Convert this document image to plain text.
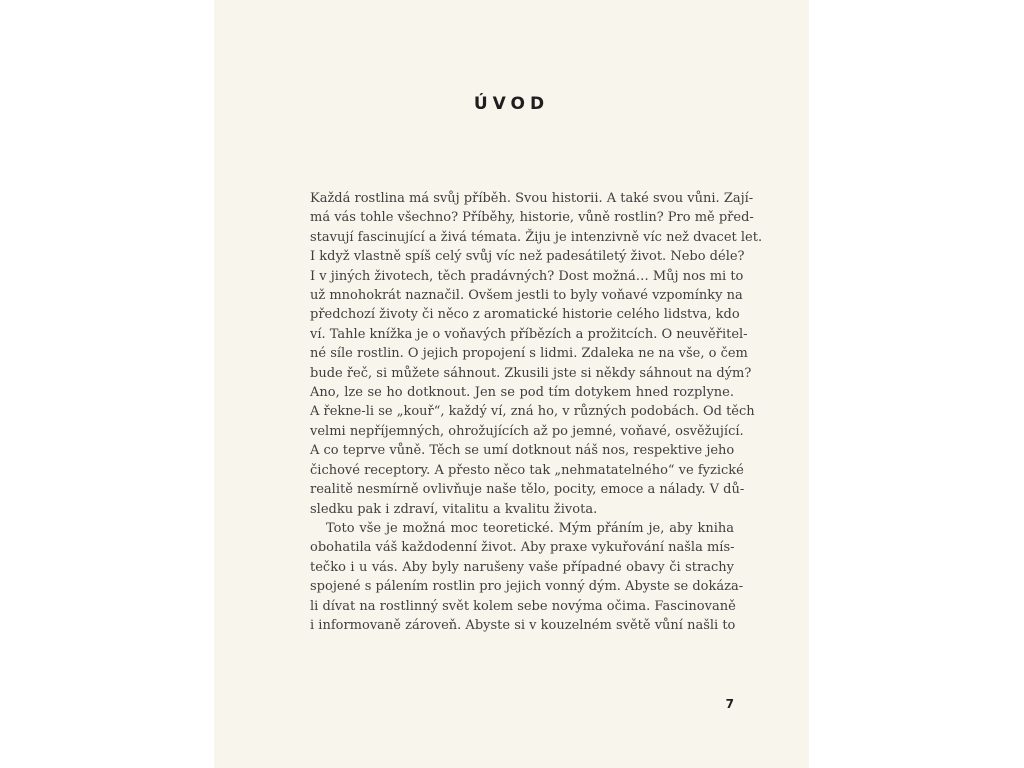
ÚVOD
Každá rostlina má svůj příběh. Svou historii. A také svou vůni. Zají-
má vás tohle všechno? Příběhy, historie, vůně rostlin? Pro mě před-
stavují fascinující a živá témata. Žiju je intenzivně víc než dvacet let.
I když vlastně spíš celý svůj víc než padesátiletý život. Nebo déle?
I v jiných životech, těch pradávných? Dost možná… Můj nos mi to
už mnohokrát naznačil. Ovšem jestli to byly voňavé vzpomínky na
předchozí životy či něco z aromatické historie celého lidstva, kdo
ví. Tahle knížka je o voňavých příbězích a prožitcích. O neuvěřitel-
né síle rostlin. O jejich propojení s lidmi. Zdaleka ne na vše, o čem
bude řeč, si můžete sáhnout. Zkusili jste si někdy sáhnout na dým?
Ano, lze se ho dotknout. Jen se pod tím dotykem hned rozplyne.
A řekne-li se „kouř“, každý ví, zná ho, v různých podobách. Od těch
velmi nepříjemných, ohrožujících až po jemné, voňavé, osvěžující.
A co teprve vůně. Těch se umí dotknout náš nos, respektive jeho
čichové receptory. A přesto něco tak „nehmatatelného“ ve fyzické
realitě nesmírně ovlivňuje naše tělo, pocity, emoce a nálady. V dů-
sledku pak i zdraví, vitalitu a kvalitu života.
Toto vše je možná moc teoretické. Mým přáním je, aby kniha
obohatila váš každodenní život. Aby praxe vykuřování našla mís-
tečko i u vás. Aby byly narušeny vaše případné obavy či strachy
spojené s pálením rostlin pro jejich vonný dým. Abyste se dokáza-
li dívat na rostlinný svět kolem sebe novýma očima. Fascinovaně
i informovaně zároveň. Abyste si v kouzelném světě vůní našli to
7
